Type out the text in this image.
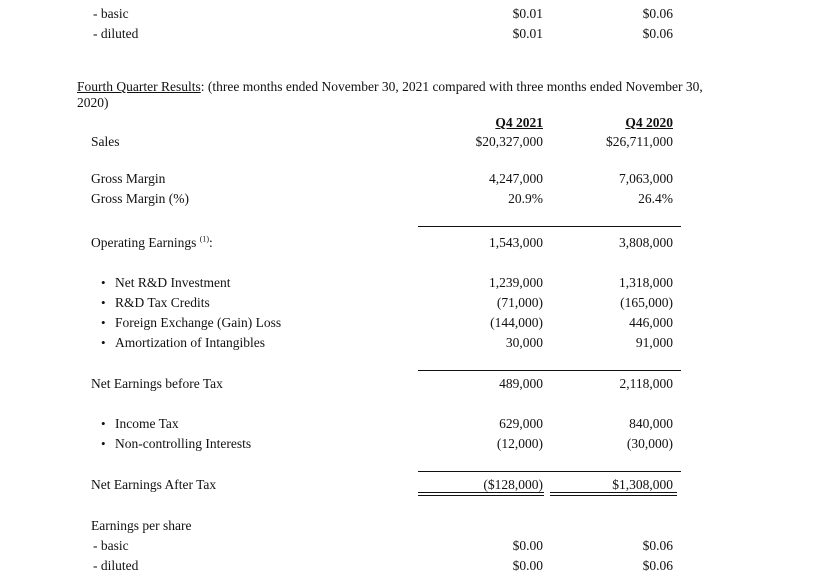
- basic	$0.01	$0.06
- diluted	$0.01	$0.06
Fourth Quarter Results: (three months ended November 30, 2021 compared with three months ended November 30,
2020)
Q4 2021	Q4 2020
Sales	$20,327,000	$26,711,000
Gross Margin	4,247,000	7,063,000
Gross Margin (%)	20.9%	26.4%
Operating Earnings $^{(1)}$:	1,543,000	3,808,000
• Net R&D Investment	1,239,000	1,318,000
• R&D Tax Credits	(71,000)	(165,000)
• Foreign Exchange (Gain) Loss	(144,000)	446,000
• Amortization of Intangibles	30,000	91,000
Net Earnings before Tax	489,000	2,118,000
• Income Tax	629,000	840,000
• Non-controlling Interests	(12,000)	(30,000)
Net Earnings After Tax	($128,000)	$1,308,000
Earnings per share
- basic	$0.00	$0.06
- diluted	$0.00	$0.06
